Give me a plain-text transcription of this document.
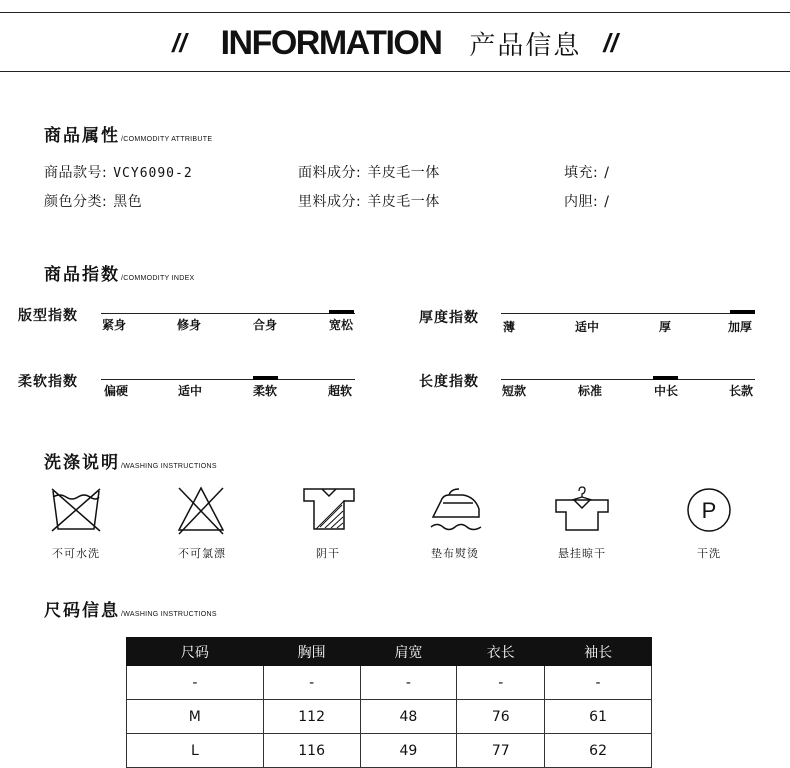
// INFORMATION 产品信息 //
商品属性 /COMMODITY ATTRIBUTE
商品款号: VCY6090-2	面料成分: 羊皮毛一体	填充: /
颜色分类: 黑色	里料成分: 羊皮毛一体	内胆: /
商品指数 /COMMODITY INDEX
版型指数
紧身	修身	合身	宽松	厚度指数
薄	适中	厚	加厚
柔软指数
偏硬	适中	柔软	超软
长度指数
短款	标准	中长	长款
洗涤说明 /WASHING INSTRUCTIONS
不可水洗	不可氯漂	阴干	垫布熨烫	悬挂晾干
P
干洗
尺码信息 /WASHING INSTRUCTIONS
尺码	胸围	肩宽	衣长	袖长
-	-	-	-	-
M	112	48	76	61
L	116	49	77	62
